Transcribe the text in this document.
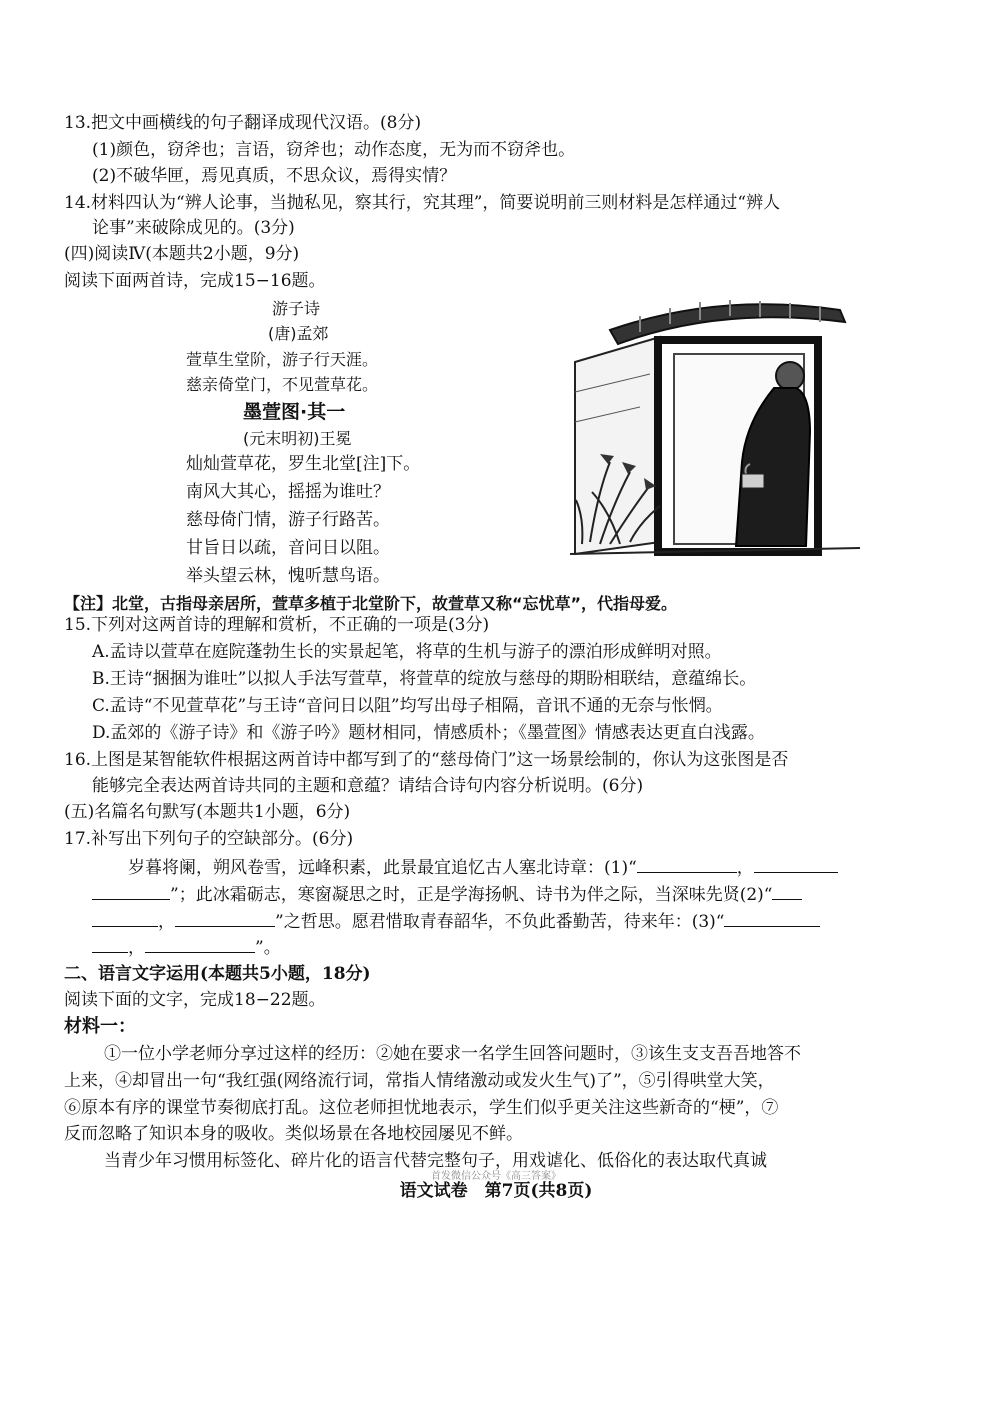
13.把文中画横线的句子翻译成现代汉语。(8分)
(1)颜色，窃斧也；言语，窃斧也；动作态度，无为而不窃斧也。
(2)不破华匣，焉见真质，不思众议，焉得实情？
14.材料四认为“辨人论事，当抛私见，察其行，究其理”，简要说明前三则材料是怎样通过“辨人
论事”来破除成见的。(3分)
(四)阅读Ⅳ(本题共2小题，9分)
阅读下面两首诗，完成15−16题。
游子诗
(唐)孟郊
萱草生堂阶，游子行天涯。
慈亲倚堂门，不见萱草花。
墨萱图·其一
(元末明初)王冕
灿灿萱草花，罗生北堂[注]下。
南风大其心，摇摇为谁吐？
慈母倚门情，游子行路苦。
甘旨日以疏，音问日以阻。
举头望云林，愧听慧鸟语。
【注】北堂，古指母亲居所，萱草多植于北堂阶下，故萱草又称“忘忧草”，代指母爱。
15.下列对这两首诗的理解和赏析，不正确的一项是(3分)
A.孟诗以萱草在庭院蓬勃生长的实景起笔，将草的生机与游子的漂泊形成鲜明对照。
B.王诗“捆捆为谁吐”以拟人手法写萱草，将萱草的绽放与慈母的期盼相联结，意蕴绵长。
C.孟诗“不见萱草花”与王诗“音问日以阻”均写出母子相隔，音讯不通的无奈与怅惘。
D.孟郊的《游子诗》和《游子吟》题材相同，情感质朴；《墨萱图》情感表达更直白浅露。
16.上图是某智能软件根据这两首诗中都写到了的“慈母倚门”这一场景绘制的，你认为这张图是否
能够完全表达两首诗共同的主题和意蕴？请结合诗句内容分析说明。(6分)
(五)名篇名句默写(本题共1小题，6分)
17.补写出下列句子的空缺部分。(6分)
岁暮将阑，朔风卷雪，远峰积素，此景最宜追忆古人塞北诗章：(1)“	，
”；此冰霜砺志，寒窗凝思之时，正是学海扬帆、诗书为伴之际，当深味先贤(2)“
，	”之哲思。愿君惜取青春韶华，不负此番勤苦，待来年：(3)“
，	”。
二、语言文字运用(本题共5小题，18分)
阅读下面的文字，完成18−22题。
材料一：
①一位小学老师分享过这样的经历：②她在要求一名学生回答问题时，③该生支支吾吾地答不
上来，④却冒出一句“我红强(网络流行词，常指人情绪激动或发火生气)了”，⑤引得哄堂大笑，
⑥原本有序的课堂节奏彻底打乱。这位老师担忧地表示，学生们似乎更关注这些新奇的“梗”，⑦
反而忽略了知识本身的吸收。类似场景在各地校园屡见不鲜。
当青少年习惯用标签化、碎片化的语言代替完整句子，用戏谑化、低俗化的表达取代真诚
首发微信公众号《高三答案》
语文试卷　第7页(共8页)
